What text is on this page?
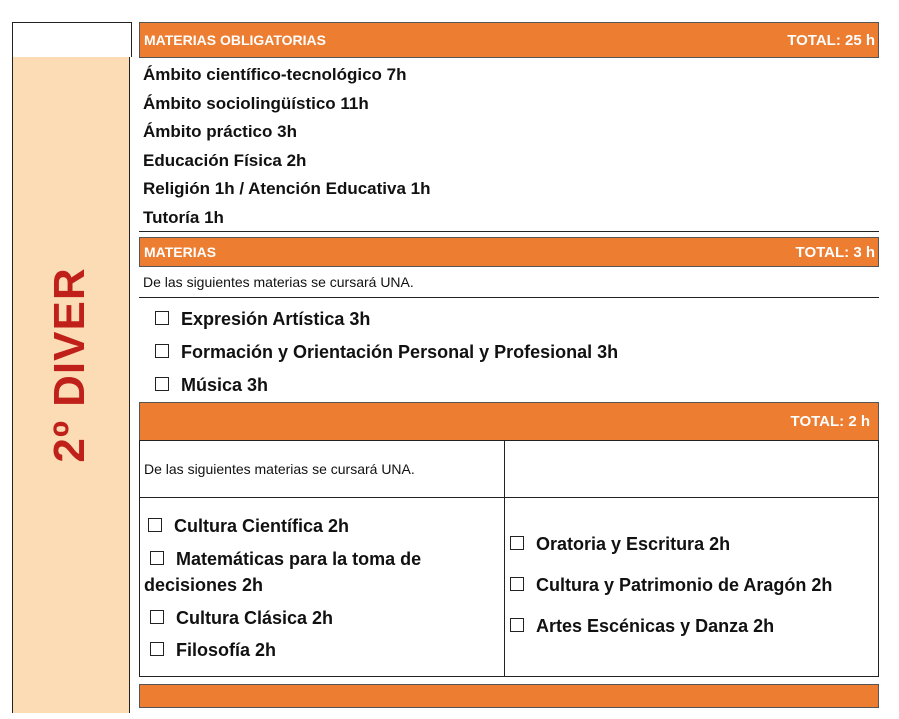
2º DIVER
MATERIAS OBLIGATORIAS	TOTAL: 25 h
Ámbito científico-tecnológico 7h
Ámbito sociolingüístico 11h
Ámbito práctico 3h
Educación Física 2h
Religión 1h / Atención Educativa 1h
Tutoría 1h
MATERIAS	TOTAL: 3 h
De las siguientes materias se cursará UNA.
Expresión Artística 3h
Formación y Orientación Personal y Profesional 3h
Música 3h
TOTAL: 2 h
De las siguientes materias se cursará UNA.
Cultura Científica 2h
Matemáticas para la toma de decisiones 2h
Cultura Clásica 2h
Filosofía 2h
Oratoria y Escritura 2h
Cultura y Patrimonio de Aragón 2h
Artes Escénicas y Danza 2h
